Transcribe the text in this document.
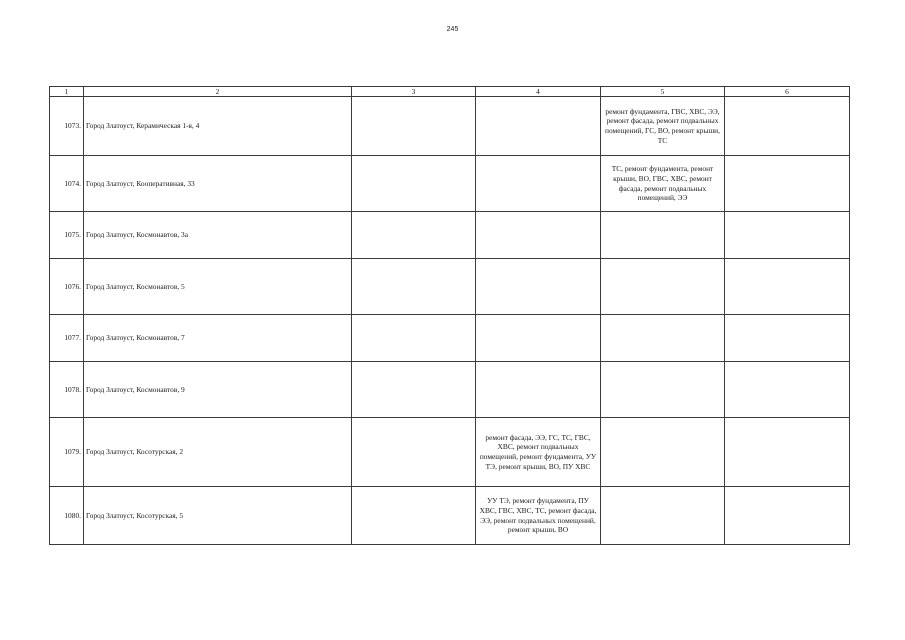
245
1	2	3	4	5	6
1073.	Город Златоуст, Керамическая 1-я, 4			ремонт фундамента, ГВС, ХВС, ЭЭ, ремонт фасада, ремонт подвальных помещений, ГС, ВО, ремонт крыши, ТС	
1074.	Город Златоуст, Кооперативная, 33			ТС, ремонт фундамента, ремонт крыши, ВО, ГВС, ХВС, ремонт фасада, ремонт подвальных помещений, ЭЭ	
1075.	Город Златоуст, Космонавтов, 3а				
1076.	Город Златоуст, Космонавтов, 5				
1077.	Город Златоуст, Космонавтов, 7				
1078.	Город Златоуст, Космонавтов, 9				
1079.	Город Златоуст, Косотурская, 2		ремонт фасада, ЭЭ, ГС, ТС, ГВС, ХВС, ремонт подвальных помещений, ремонт фундамента, УУ ТЭ, ремонт крыши, ВО, ПУ ХВС		
1080.	Город Златоуст, Косотурская, 5		УУ ТЭ, ремонт фундамента, ПУ ХВС, ГВС, ХВС, ТС, ремонт фасада, ЭЭ, ремонт подвальных помещений, ремонт крыши, ВО		
